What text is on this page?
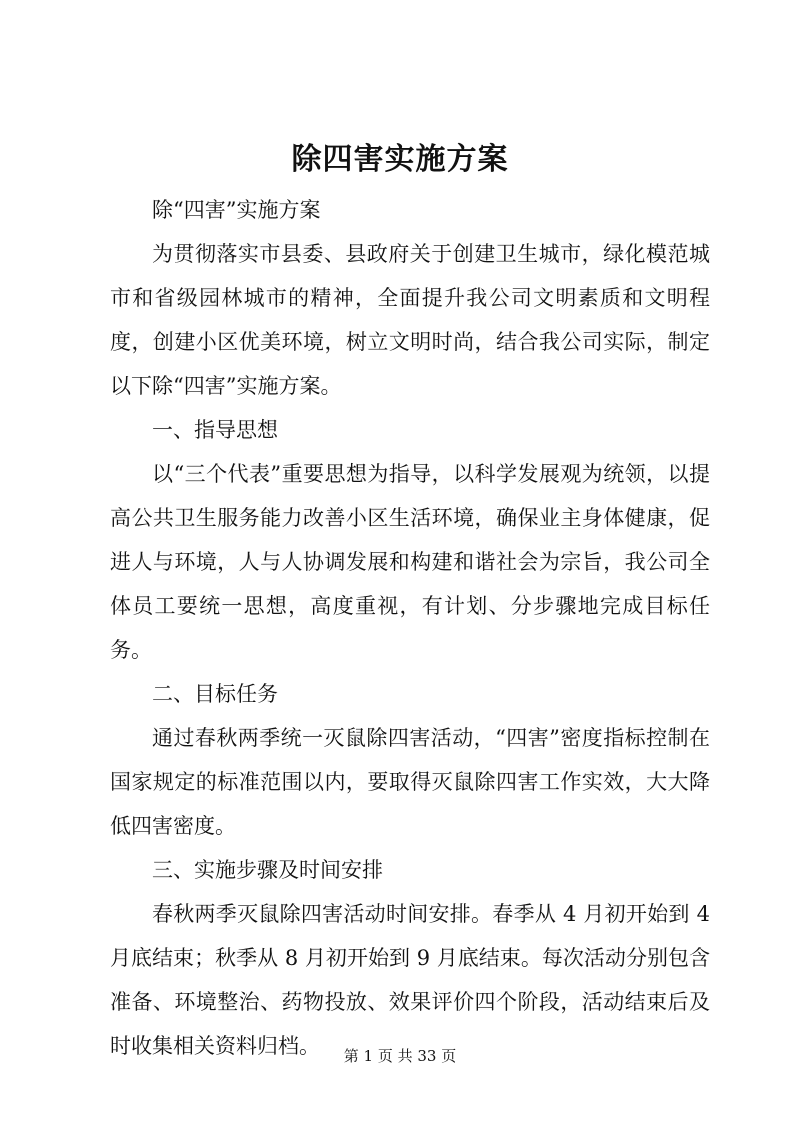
除四害实施方案

除“四害”实施方案

为贯彻落实市县委、县政府关于创建卫生城市，绿化模范城市和省级园林城市的精神，全面提升我公司文明素质和文明程度，创建小区优美环境，树立文明时尚，结合我公司实际，制定以下除“四害”实施方案。

一、指导思想

以“三个代表”重要思想为指导，以科学发展观为统领，以提高公共卫生服务能力改善小区生活环境，确保业主身体健康，促进人与环境，人与人协调发展和构建和谐社会为宗旨，我公司全体员工要统一思想，高度重视，有计划、分步骤地完成目标任务。

二、目标任务

通过春秋两季统一灭鼠除四害活动，“四害”密度指标控制在国家规定的标准范围以内，要取得灭鼠除四害工作实效，大大降低四害密度。

三、实施步骤及时间安排

春秋两季灭鼠除四害活动时间安排。春季从 4 月初开始到 4 月底结束；秋季从 8 月初开始到 9 月底结束。每次活动分别包含准备、环境整治、药物投放、效果评价四个阶段，活动结束后及时收集相关资料归档。	第 1 页 共 33 页
